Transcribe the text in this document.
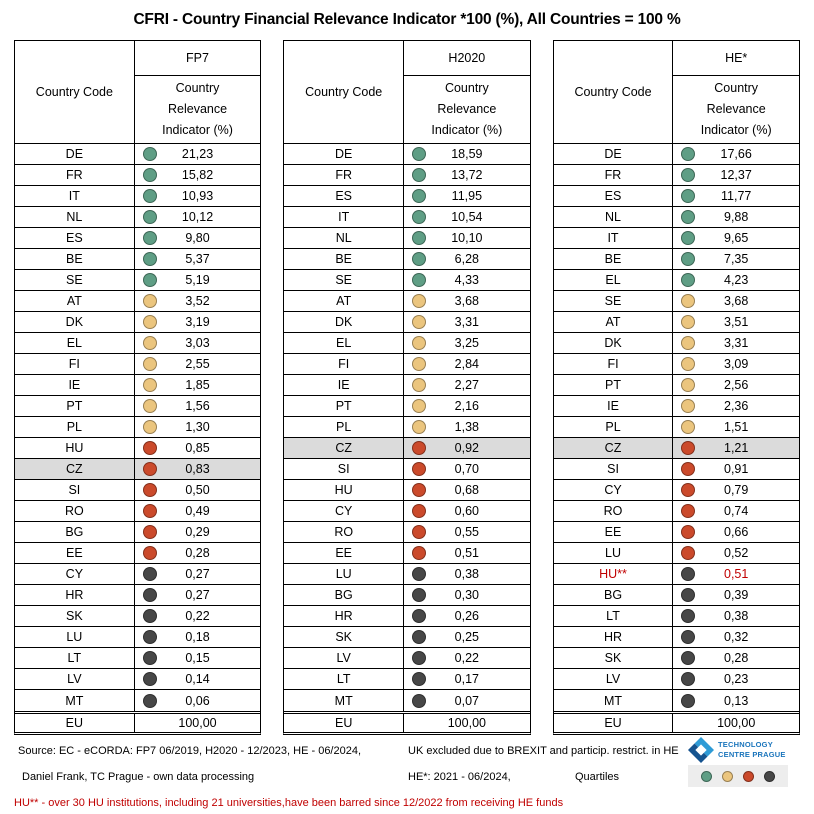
CFRI - Country Financial Relevance Indicator *100 (%), All Countries = 100 %
Country Code
FP7
Country Relevance Indicator (%)
DE	21,23
FR	15,82
IT	10,93
NL	10,12
ES	9,80
BE	5,37
SE	5,19
AT	3,52
DK	3,19
EL	3,03
FI	2,55
IE	1,85
PT	1,56
PL	1,30
HU	0,85
CZ	0,83
SI	0,50
RO	0,49
BG	0,29
EE	0,28
CY	0,27
HR	0,27
SK	0,22
LU	0,18
LT	0,15
LV	0,14
MT	0,06
EU	100,00
Country Code
H2020
Country Relevance Indicator (%)
DE	18,59
FR	13,72
ES	11,95
IT	10,54
NL	10,10
BE	6,28
SE	4,33
AT	3,68
DK	3,31
EL	3,25
FI	2,84
IE	2,27
PT	2,16
PL	1,38
CZ	0,92
SI	0,70
HU	0,68
CY	0,60
RO	0,55
EE	0,51
LU	0,38
BG	0,30
HR	0,26
SK	0,25
LV	0,22
LT	0,17
MT	0,07
EU	100,00
Country Code
HE*
Country Relevance Indicator (%)
DE	17,66
FR	12,37
ES	11,77
NL	9,88
IT	9,65
BE	7,35
EL	4,23
SE	3,68
AT	3,51
DK	3,31
FI	3,09
PT	2,56
IE	2,36
PL	1,51
CZ	1,21
SI	0,91
CY	0,79
RO	0,74
EE	0,66
LU	0,52
HU**	0,51
BG	0,39
LT	0,38
HR	0,32
SK	0,28
LV	0,23
MT	0,13
EU	100,00
Source: EC - eCORDA: FP7 06/2019, H2020 - 12/2023, HE - 06/2024,	UK excluded due to BREXIT and particip. restrict. in HE
Daniel Frank, TC Prague - own data processing	HE*: 2021 - 06/2024,	Quartiles
HU** - over 30 HU institutions, including 21 universities,have been barred since 12/2022 from receiving HE funds
TECHNOLOGY
CENTRE PRAGUE
